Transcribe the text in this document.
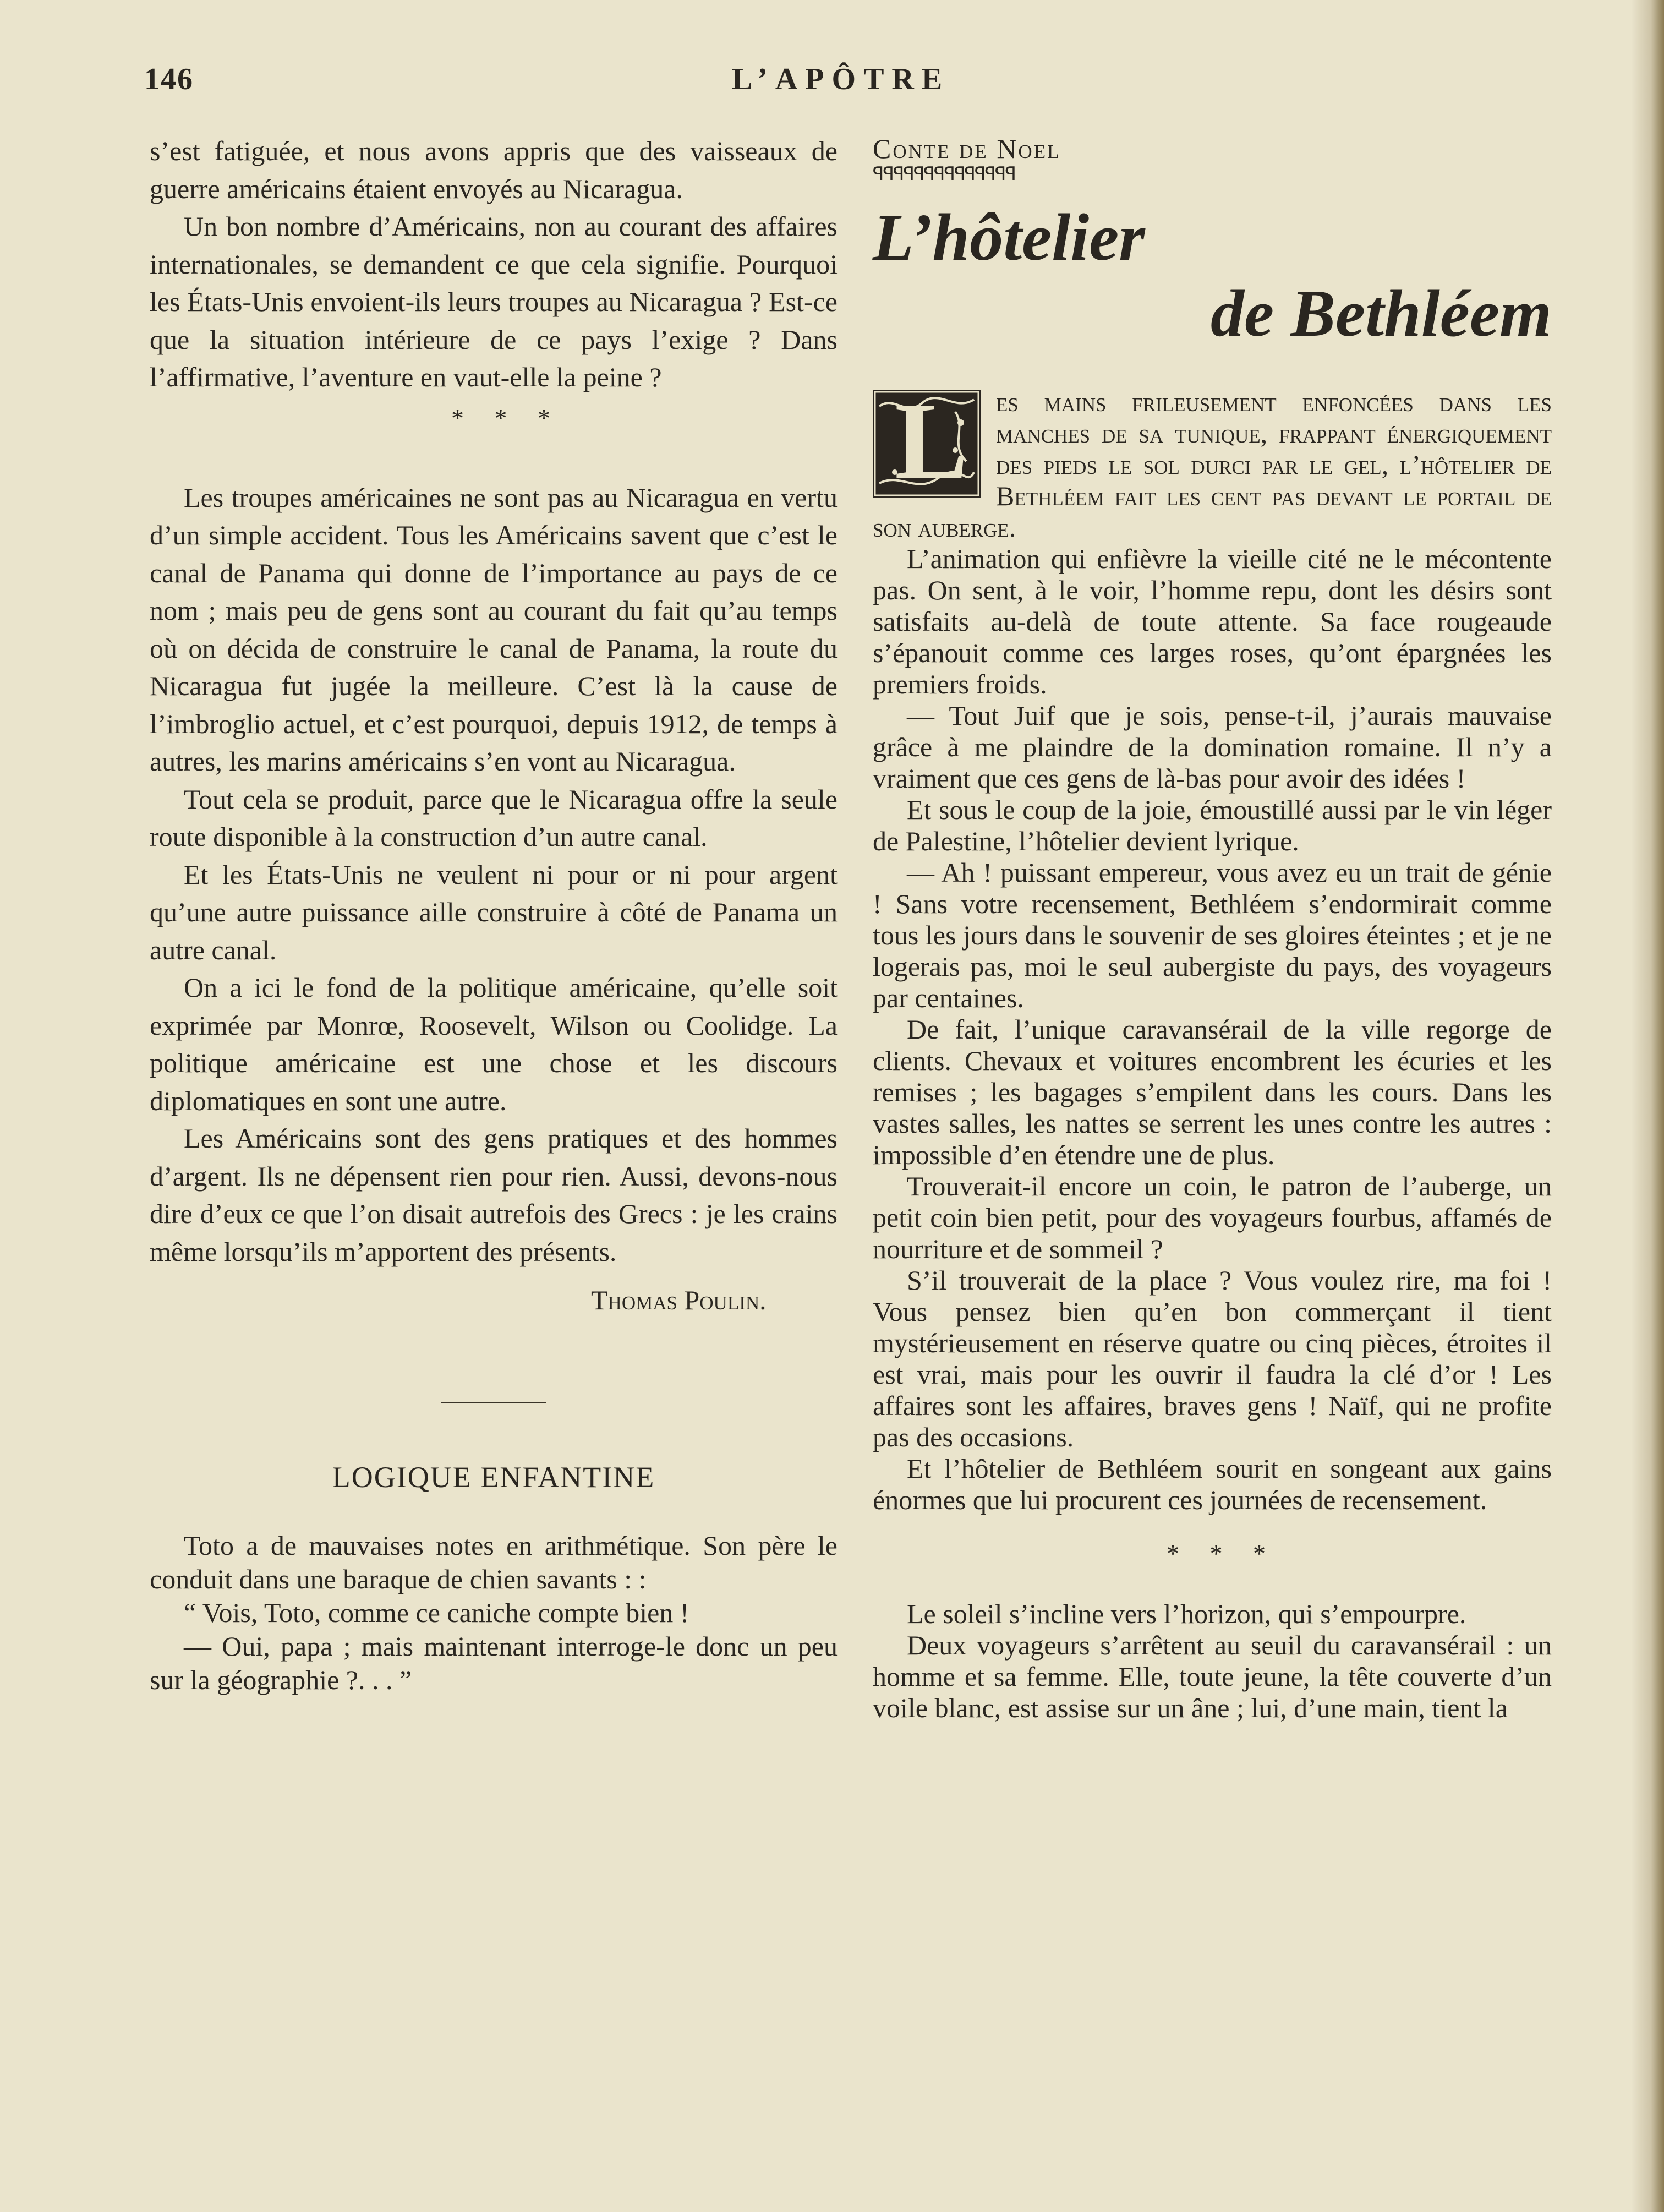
146	L’APÔTRE

s’est fatiguée, et nous avons appris que des vaisseaux de guerre américains étaient envoyés au Nicaragua.

Un bon nombre d’Américains, non au courant des affaires internationales, se demandent ce que cela signifie. Pourquoi les États-Unis envoient-ils leurs troupes au Nicaragua ? Est-ce que la situation intérieure de ce pays l’exige ? Dans l’affirmative, l’aventure en vaut-elle la peine ?

* * *

Les troupes américaines ne sont pas au Nicaragua en vertu d’un simple accident. Tous les Américains savent que c’est le canal de Panama qui donne de l’importance au pays de ce nom ; mais peu de gens sont au courant du fait qu’au temps où on décida de construire le canal de Panama, la route du Nicaragua fut jugée la meilleure. C’est là la cause de l’imbroglio actuel, et c’est pourquoi, depuis 1912, de temps à autres, les marins américains s’en vont au Nicaragua.

Tout cela se produit, parce que le Nicaragua offre la seule route disponible à la construction d’un autre canal.

Et les États-Unis ne veulent ni pour or ni pour argent qu’une autre puissance aille construire à côté de Panama un autre canal.

On a ici le fond de la politique américaine, qu’elle soit exprimée par Monrœ, Roosevelt, Wilson ou Coolidge. La politique américaine est une chose et les discours diplomatiques en sont une autre.

Les Américains sont des gens pratiques et des hommes d’argent. Ils ne dépensent rien pour rien. Aussi, devons-nous dire d’eux ce que l’on disait autrefois des Grecs : je les crains même lorsqu’ils m’apportent des présents.

Thomas Poulin.

LOGIQUE ENFANTINE

Toto a de mauvaises notes en arithmétique. Son père le conduit dans une baraque de chien savants : :

“ Vois, Toto, comme ce caniche compte bien !

— Oui, papa ; mais maintenant interroge-le donc un peu sur la géographie ?. . . ”

Conte de Noel
ꟼꟼꟼꟼꟼꟼꟼꟼꟼꟼꟼꟼꟼꟼ
L’hôtelier
de Bethléem

L es mains frileusement enfoncées dans les manches de sa tunique, frappant énergiquement des pieds le sol durci par le gel, l’hôtelier de Bethléem fait les cent pas devant le portail de son auberge.

L’animation qui enfièvre la vieille cité ne le mécontente pas. On sent, à le voir, l’homme repu, dont les désirs sont satisfaits au-delà de toute attente. Sa face rougeaude s’épanouit comme ces larges roses, qu’ont épargnées les premiers froids.

— Tout Juif que je sois, pense-t-il, j’aurais mauvaise grâce à me plaindre de la domination romaine. Il n’y a vraiment que ces gens de là-bas pour avoir des idées !

Et sous le coup de la joie, émoustillé aussi par le vin léger de Palestine, l’hôtelier devient lyrique.

— Ah ! puissant empereur, vous avez eu un trait de génie ! Sans votre recensement, Bethléem s’endormirait comme tous les jours dans le souvenir de ses gloires éteintes ; et je ne logerais pas, moi le seul aubergiste du pays, des voyageurs par centaines.

De fait, l’unique caravansérail de la ville regorge de clients. Chevaux et voitures encombrent les écuries et les remises ; les bagages s’empilent dans les cours. Dans les vastes salles, les nattes se serrent les unes contre les autres : impossible d’en étendre une de plus.

Trouverait-il encore un coin, le patron de l’auberge, un petit coin bien petit, pour des voyageurs fourbus, affamés de nourriture et de sommeil ?

S’il trouverait de la place ? Vous voulez rire, ma foi ! Vous pensez bien qu’en bon commerçant il tient mystérieusement en réserve quatre ou cinq pièces, étroites il est vrai, mais pour les ouvrir il faudra la clé d’or ! Les affaires sont les affaires, braves gens ! Naïf, qui ne profite pas des occasions.

Et l’hôtelier de Bethléem sourit en songeant aux gains énormes que lui procurent ces journées de recensement.

* * *

Le soleil s’incline vers l’horizon, qui s’empourpre.

Deux voyageurs s’arrêtent au seuil du caravansérail : un homme et sa femme. Elle, toute jeune, la tête couverte d’un voile blanc, est assise sur un âne ; lui, d’une main, tient la
